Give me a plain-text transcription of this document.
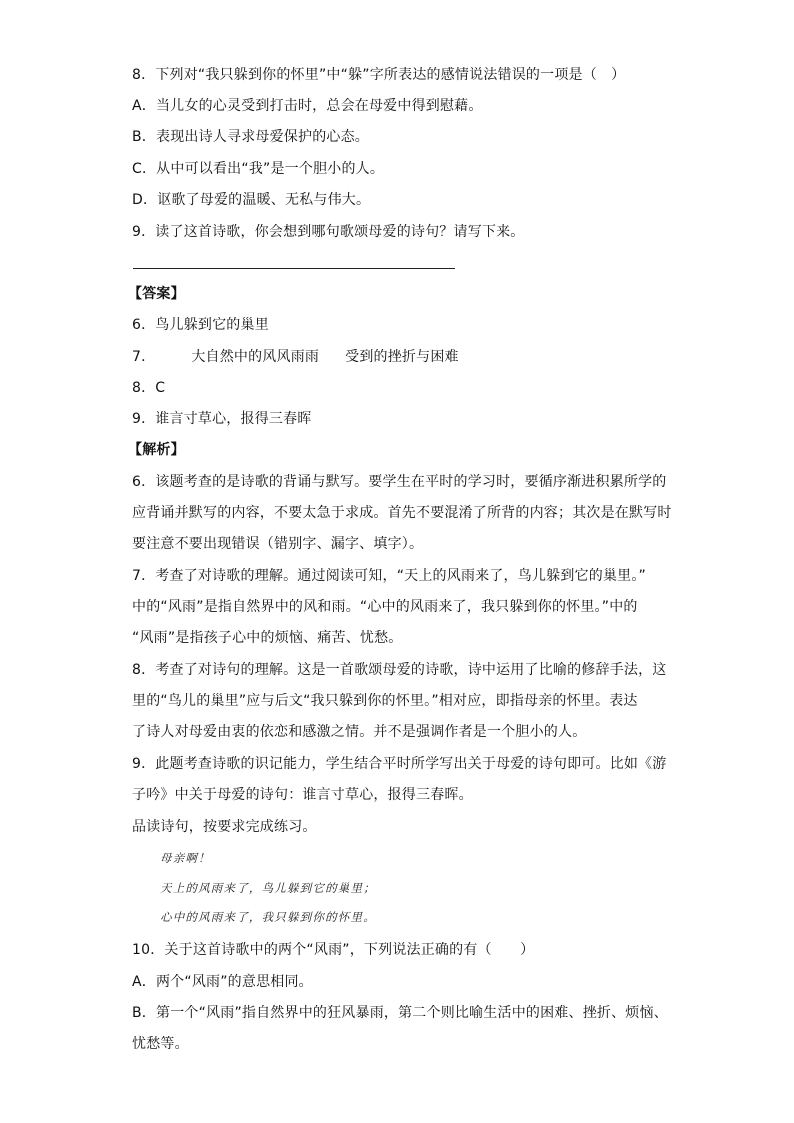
8．下列对“我只躲到你的怀里”中“躲”字所表达的感情说法错误的一项是（　）
A．当儿女的心灵受到打击时，总会在母爱中得到慰藉。
B．表现出诗人寻求母爱保护的心态。
C．从中可以看出“我”是一个胆小的人。
D．讴歌了母爱的温暖、无私与伟大。
9．读了这首诗歌，你会想到哪句歌颂母爱的诗句？请写下来。
【答案】
6．鸟儿躲到它的巢里
7．	大自然中的风风雨雨 受到的挫折与困难
8．C
9．谁言寸草心，报得三春晖
【解析】
6．该题考查的是诗歌的背诵与默写。要学生在平时的学习时，要循序渐进积累所学的
应背诵并默写的内容，不要太急于求成。首先不要混淆了所背的内容；其次是在默写时
要注意不要出现错误（错别字、漏字、填字）。
7．考查了对诗歌的理解。通过阅读可知，“天上的风雨来了，鸟儿躲到它的巢里。”
中的“风雨”是指自然界中的风和雨。“心中的风雨来了，我只躲到你的怀里。”中的
“风雨”是指孩子心中的烦恼、痛苦、忧愁。
8．考查了对诗句的理解。这是一首歌颂母爱的诗歌，诗中运用了比喻的修辞手法，这
里的“鸟儿的巢里”应与后文“我只躲到你的怀里。”相对应，即指母亲的怀里。表达
了诗人对母爱由衷的依恋和感激之情。并不是强调作者是一个胆小的人。
9．此题考查诗歌的识记能力，学生结合平时所学写出关于母爱的诗句即可。比如《游
子吟》中关于母爱的诗句：谁言寸草心，报得三春晖。
品读诗句，按要求完成练习。
母亲啊！
天上的风雨来了，鸟儿躲到它的巢里；
心中的风雨来了，我只躲到你的怀里。
10．关于这首诗歌中的两个“风雨”，下列说法正确的有（　　）
A．两个“风雨”的意思相同。
B．第一个“风雨”指自然界中的狂风暴雨，第二个则比喻生活中的困难、挫折、烦恼、
忧愁等。
